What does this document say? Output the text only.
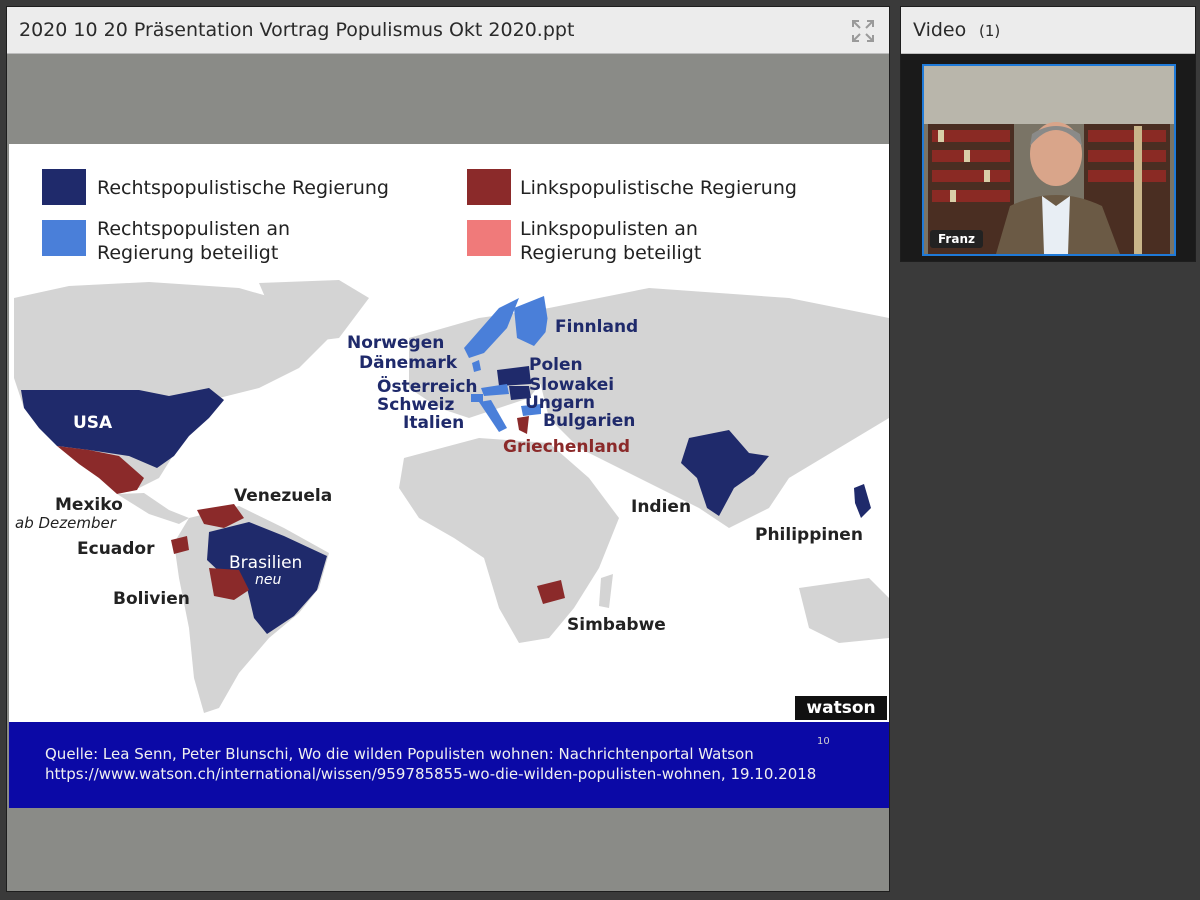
2020 10 20 Präsentation Vortrag Populismus Okt 2020.ppt
Rechtspopulistische Regierung	Linkspopulistische Regierung
Rechtspopulisten an
Regierung beteiligt
Linkspopulisten an
Regierung beteiligt
USA
Mexiko
ab Dezember
Venezuela
Ecuador
Brasilien
neu
Bolivien
Norwegen
Dänemark
Österreich
Schweiz
Italien
Finnland
Polen
Slowakei
Ungarn
Bulgarien
Griechenland
Indien
Philippinen
Simbabwe
watson
Quelle: Lea Senn, Peter Blunschi, Wo die wilden Populisten wohnen: Nachrichtenportal Watson
https://www.watson.ch/international/wissen/959785855-wo-die-wilden-populisten-wohnen, 19.10.2018
10
Video (1)
Franz
